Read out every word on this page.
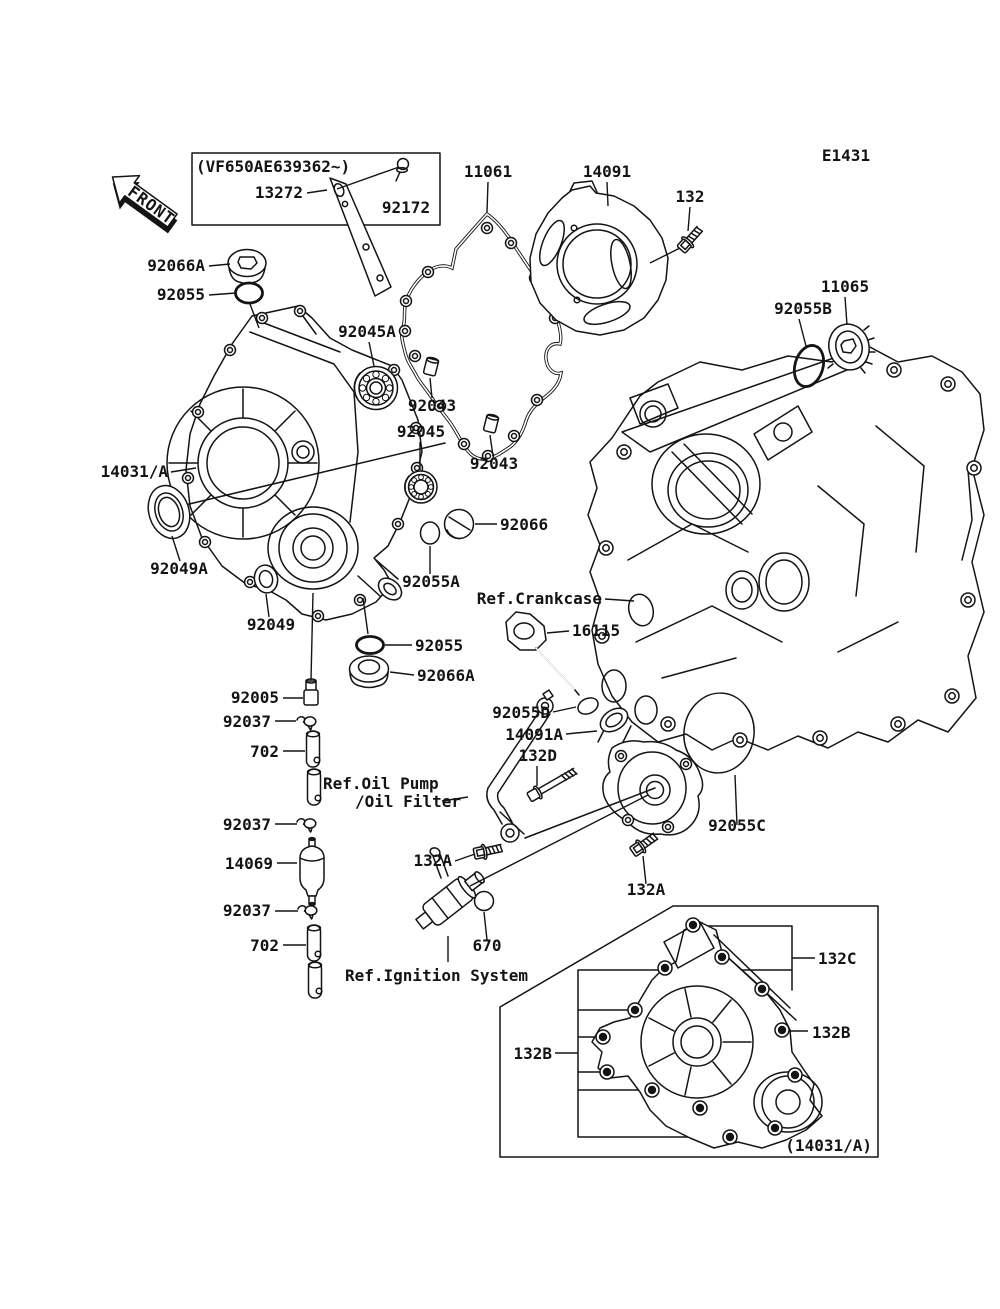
FRONT
E1431
(VF650AE639362~)
13272
92172
11061	14091
132
92066A
92055	11065
92055B
92045A
92043
92045
92043
14031/A
92066
92049A
92055A
Ref.Crankcase
92049	16115
92055
92066A
92005
92055D
92037
14091A
702	132D
Ref.Oil Pump
/Oil Filter
92037	92055C
14069	132A
132A
92037
670
702
132C
Ref.Ignition System
132B
132B
(14031/A)
